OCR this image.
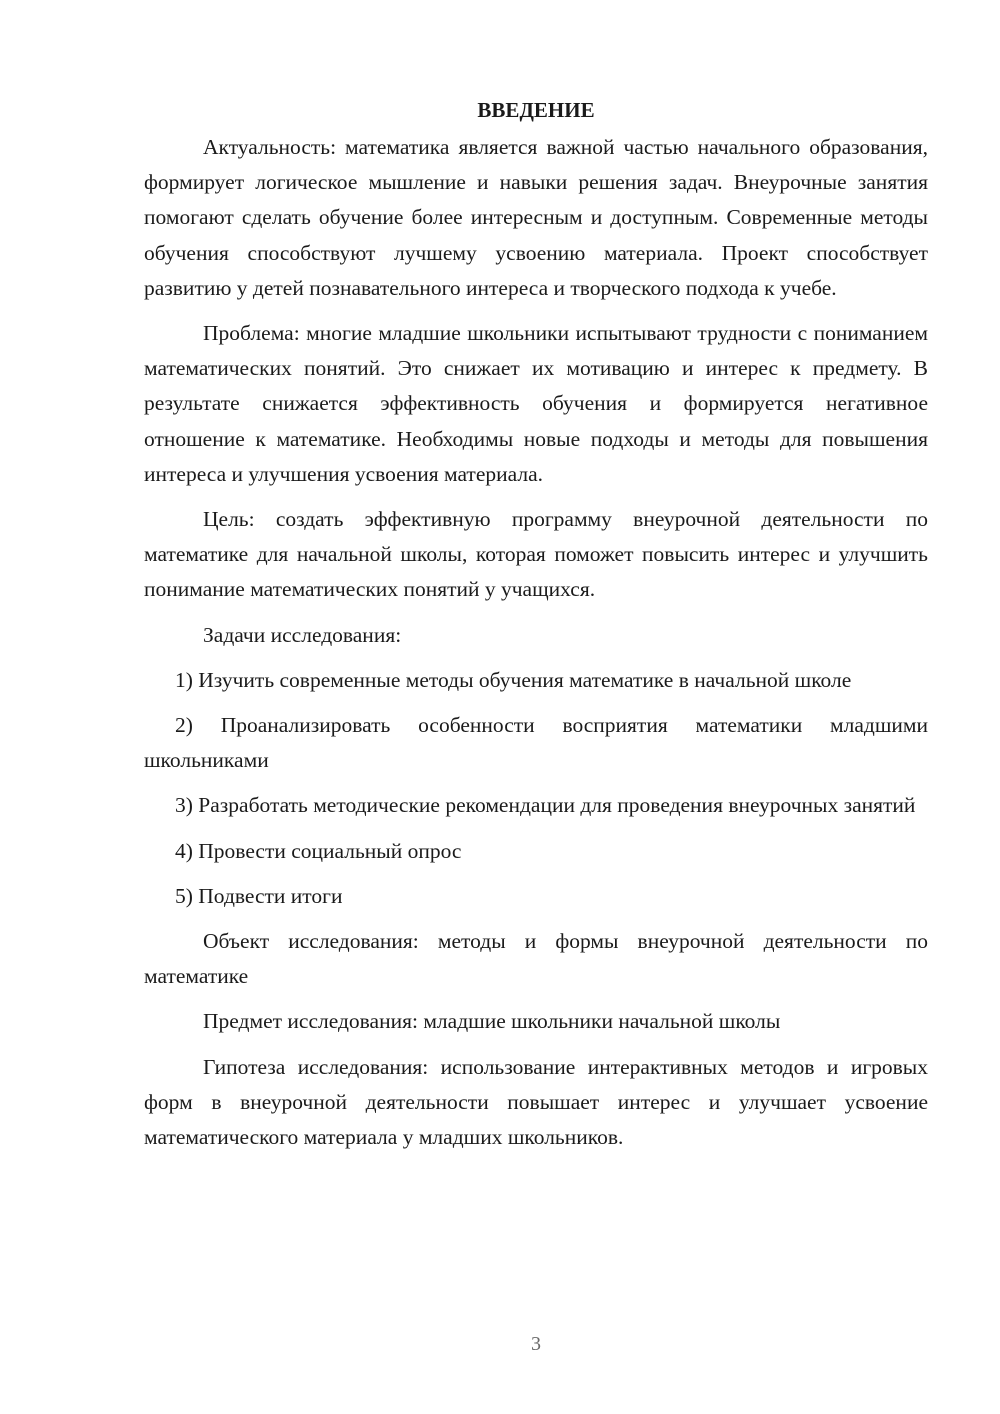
ВВЕДЕНИЕ

Актуальность: математика является важной частью начального образования, формирует логическое мышление и навыки решения задач. Внеурочные занятия помогают сделать обучение более интересным и доступным. Современные методы обучения способствуют лучшему усвоению материала. Проект способствует развитию у детей познавательного интереса и творческого подхода к учебе.

Проблема: многие младшие школьники испытывают трудности с пониманием математических понятий. Это снижает их мотивацию и интерес к предмету. В результате снижается эффективность обучения и формируется негативное отношение к математике. Необходимы новые подходы и методы для повышения интереса и улучшения усвоения материала.

Цель: создать эффективную программу внеурочной деятельности по математике для начальной школы, которая поможет повысить интерес и улучшить понимание математических понятий у учащихся.

Задачи исследования:

1) Изучить современные методы обучения математике в начальной школе

2) Проанализировать особенности восприятия математики младшими школьниками

3) Разработать методические рекомендации для проведения внеурочных занятий

4) Провести социальный опрос

5) Подвести итоги

Объект исследования: методы и формы внеурочной деятельности по математике

Предмет исследования: младшие школьники начальной школы

Гипотеза исследования: использование интерактивных методов и игровых форм в внеурочной деятельности повышает интерес и улучшает усвоение математического материала у младших школьников.

3
